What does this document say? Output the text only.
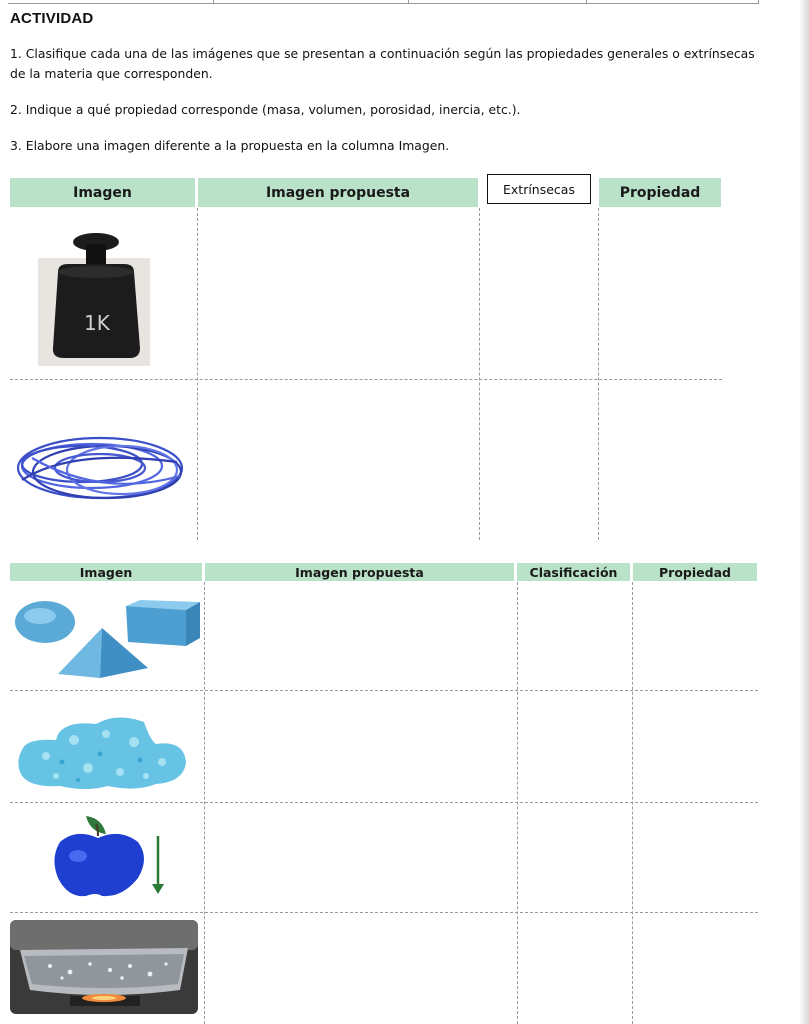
ACTIVIDAD
1. Clasifique cada una de las imágenes que se presentan a continuación según las propiedades generales o extrínsecas de la materia que corresponden.
2. Indique a qué propiedad corresponde (masa, volumen, porosidad, inercia, etc.).
3. Elabore una imagen diferente a la propuesta en la columna Imagen.
Imagen	Imagen propuesta	Extrínsecas	Propiedad
1K
Imagen	Imagen propuesta	Clasificación	Propiedad
